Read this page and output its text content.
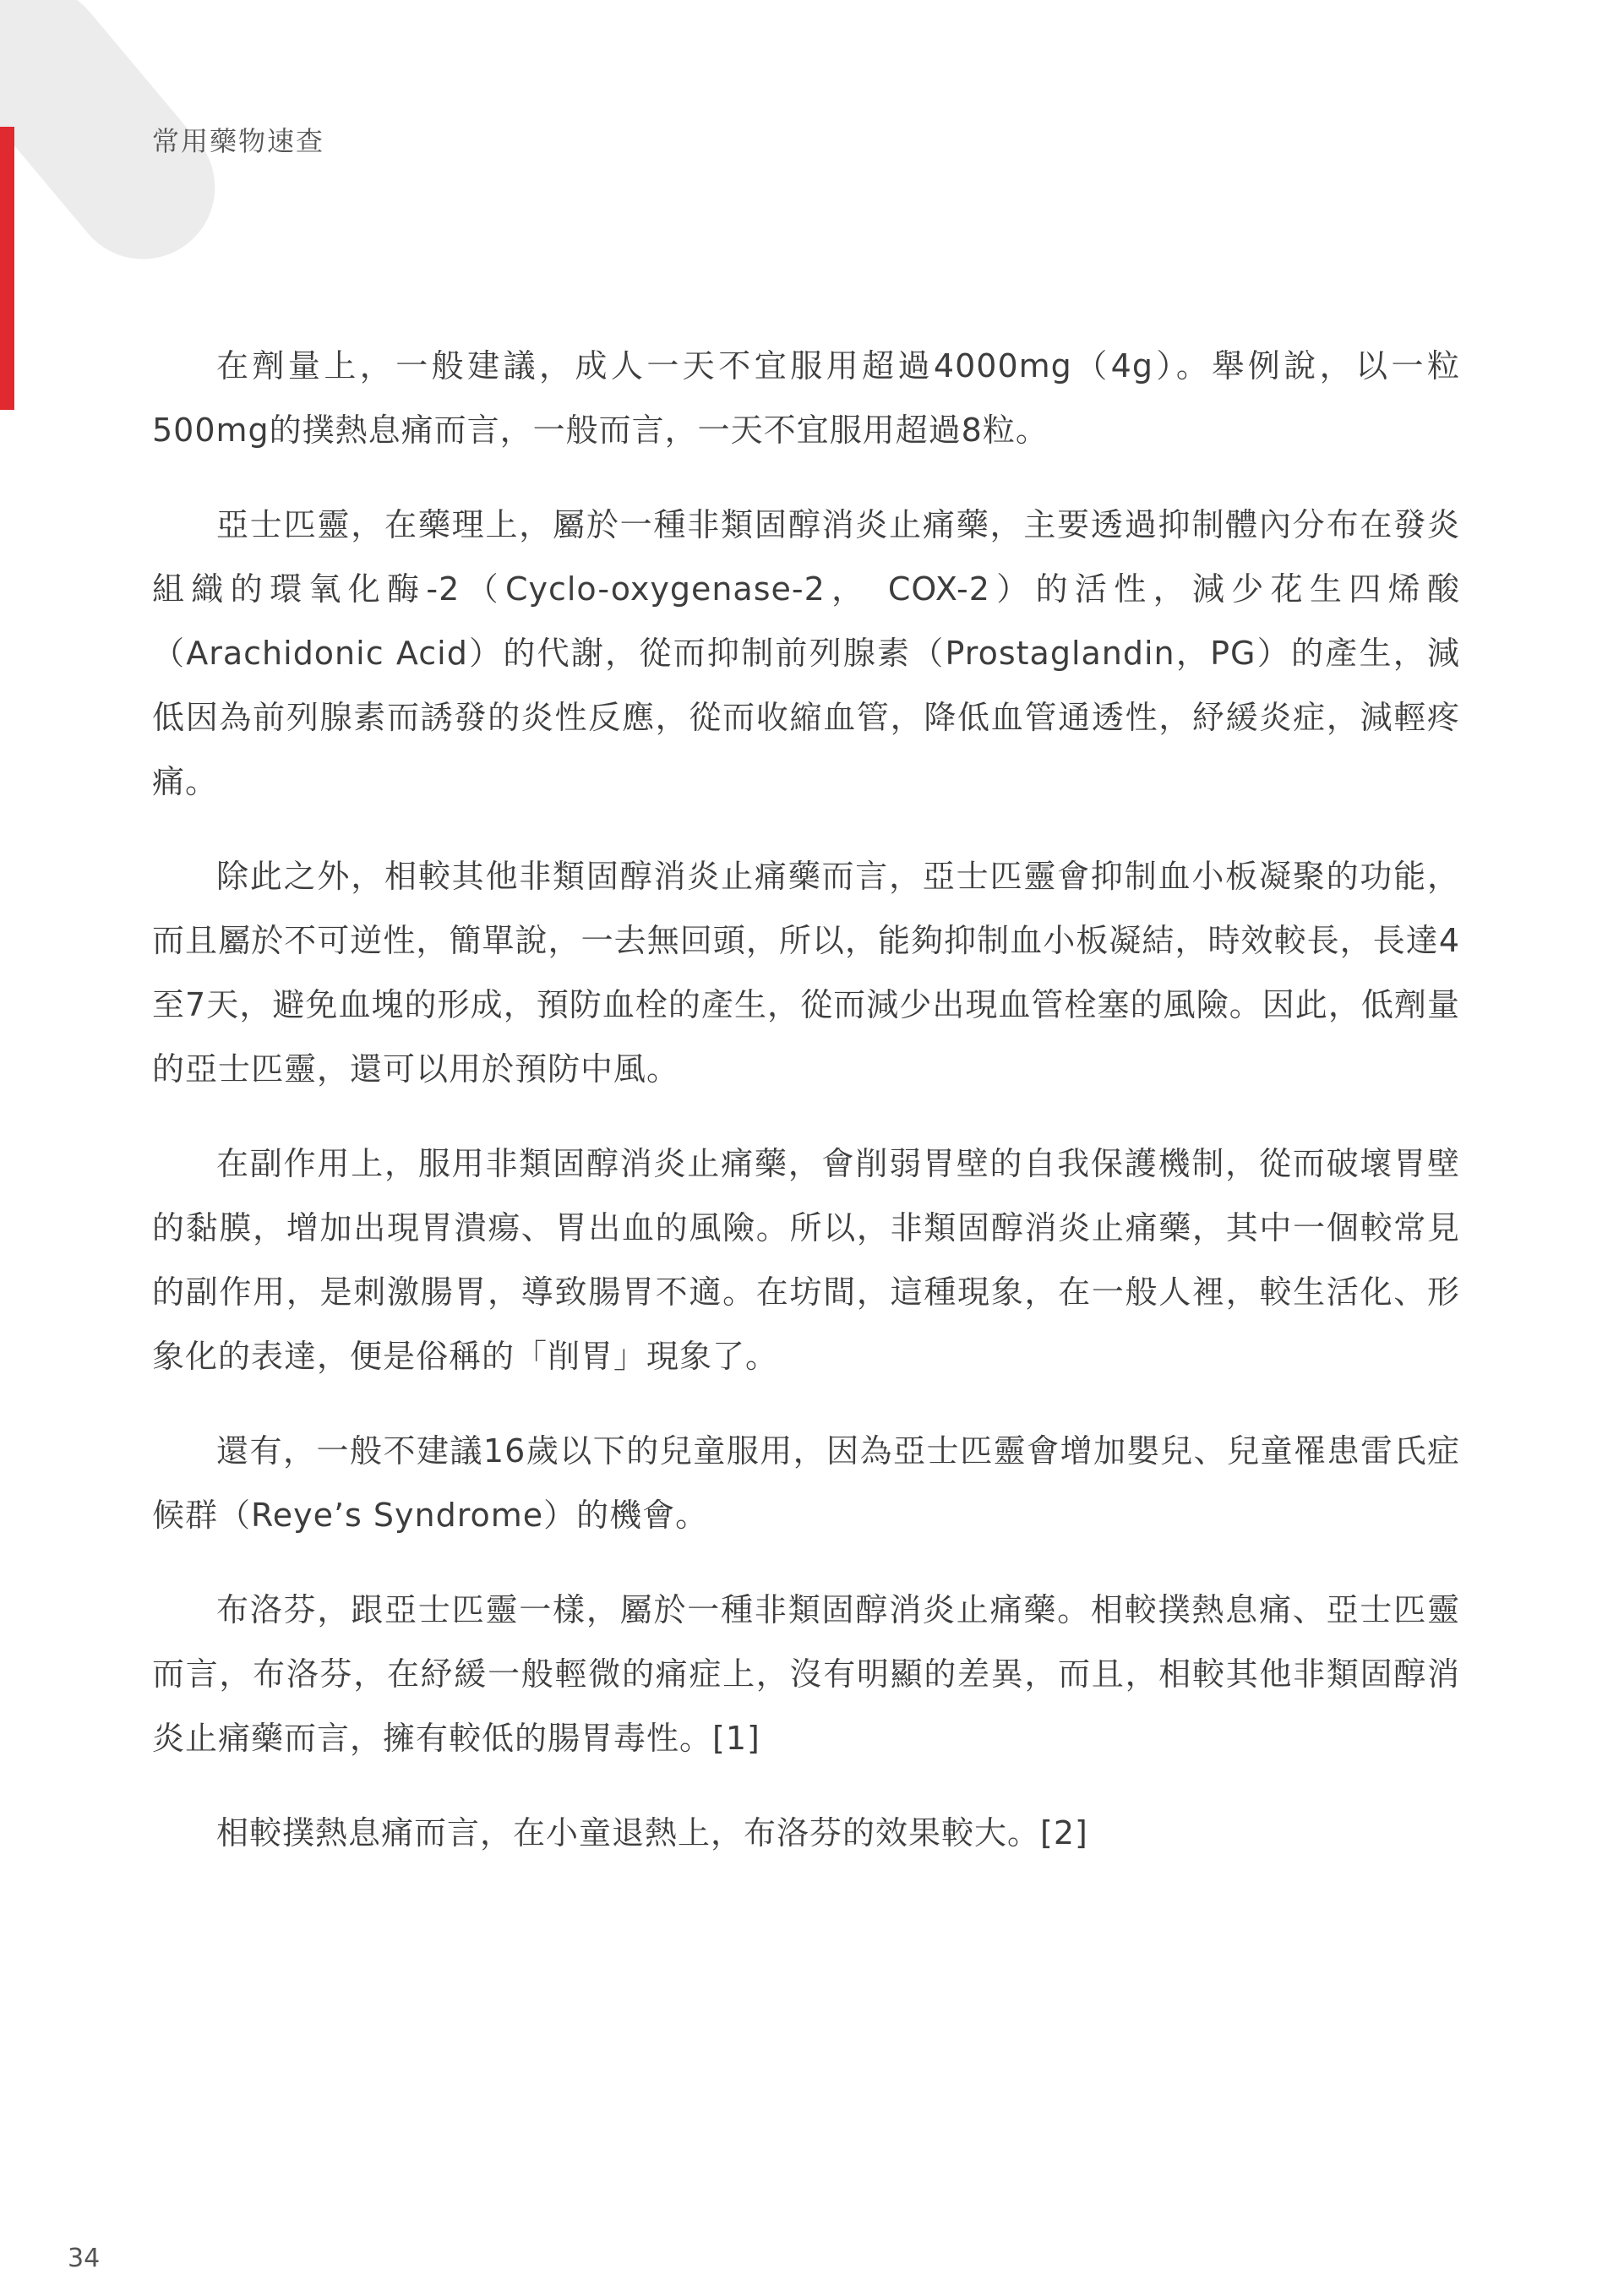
常用藥物速查

在劑量上，一般建議，成人一天不宜服用超過4000mg（4g）。舉例說，以一粒500mg的撲熱息痛而言，一般而言，一天不宜服用超過8粒。

亞士匹靈，在藥理上，屬於一種非類固醇消炎止痛藥，主要透過抑制體內分布在發炎組織的環氧化酶-2（Cyclo-oxygenase-2， COX-2）的活性，減少花生四烯酸（Arachidonic Acid）的代謝，從而抑制前列腺素（Prostaglandin，PG）的產生，減低因為前列腺素而誘發的炎性反應，從而收縮血管，降低血管通透性，紓緩炎症，減輕疼痛。

除此之外，相較其他非類固醇消炎止痛藥而言，亞士匹靈會抑制血小板凝聚的功能，而且屬於不可逆性，簡單說，一去無回頭，所以，能夠抑制血小板凝結，時效較長，長達4至7天，避免血塊的形成，預防血栓的產生，從而減少出現血管栓塞的風險。因此，低劑量的亞士匹靈，還可以用於預防中風。

在副作用上，服用非類固醇消炎止痛藥，會削弱胃壁的自我保護機制，從而破壞胃壁的黏膜，增加出現胃潰瘍、胃出血的風險。所以，非類固醇消炎止痛藥，其中一個較常見的副作用，是刺激腸胃，導致腸胃不適。在坊間，這種現象，在一般人裡，較生活化、形象化的表達，便是俗稱的「削胃」現象了。

還有，一般不建議16歲以下的兒童服用，因為亞士匹靈會增加嬰兒、兒童罹患雷氏症候群（Reye’s Syndrome）的機會。

布洛芬，跟亞士匹靈一樣，屬於一種非類固醇消炎止痛藥。相較撲熱息痛、亞士匹靈而言，布洛芬，在紓緩一般輕微的痛症上，沒有明顯的差異，而且，相較其他非類固醇消炎止痛藥而言，擁有較低的腸胃毒性。[1]

相較撲熱息痛而言，在小童退熱上，布洛芬的效果較大。[2]

34
